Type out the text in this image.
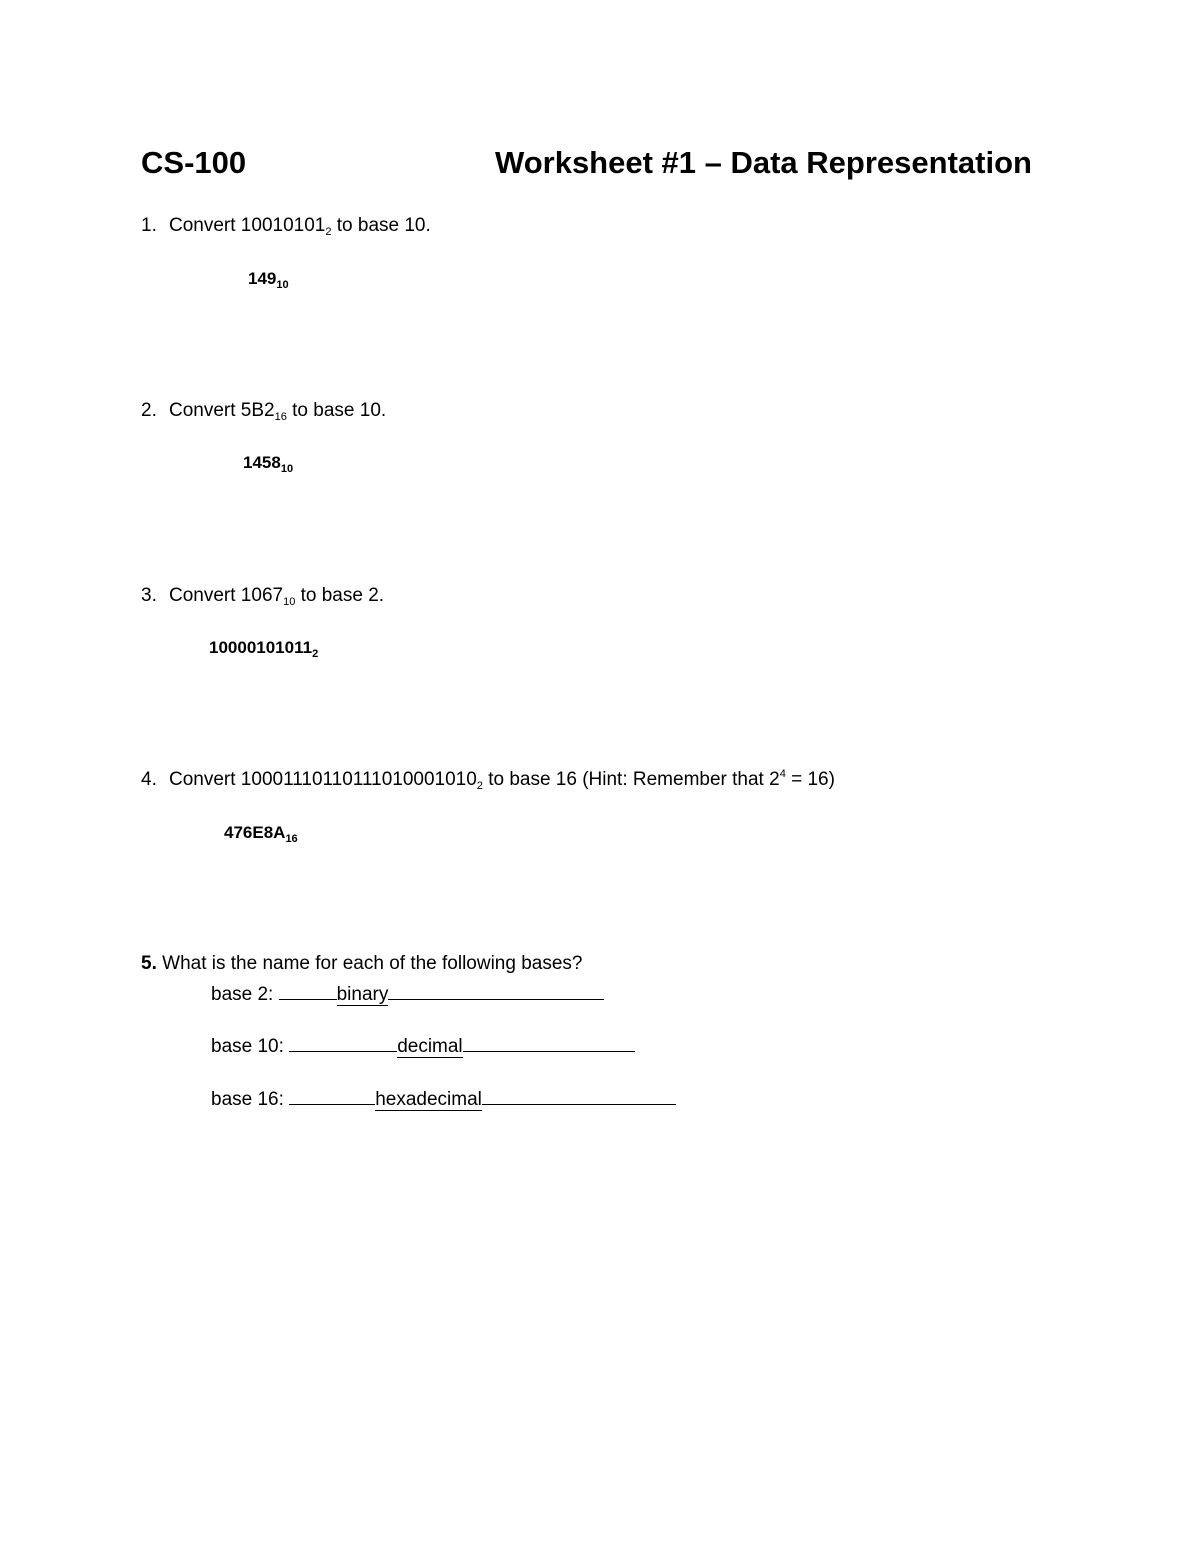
CS-100	Worksheet #1 – Data Representation
1. Convert $10010101_2$ to base 10.
$149_{10}$
2. Convert $5B2_{16}$ to base 10.
$1458_{10}$
3. Convert $1067_{10}$ to base 2.
$10000101011_2$
4. Convert $10001110110111010001010_2$ to base 16 (Hint: Remember that $2^4 = 16$)
$476E8A_{16}$
5. What is the name for each of the following bases?
base 2:	binary
base 10:	decimal
base 16:	hexadecimal
